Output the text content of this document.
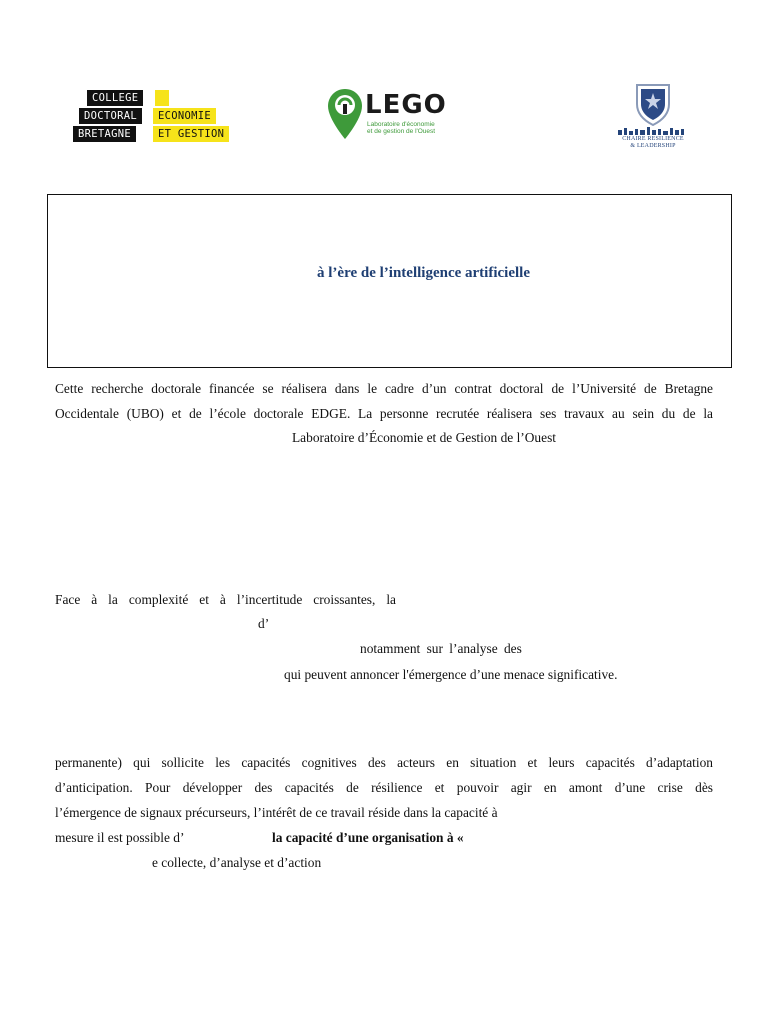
COLLEGE
DOCTORAL	ECONOMIE
BRETAGNE	ET GESTION
LEGO
Laboratoire d'économie
et de gestion de l'Ouest
CHAIRE RESILIENCE
& LEADERSHIP
à l’ère de l’intelligence artificielle
Cette recherche doctorale financée se réalisera dans le cadre d’un contrat doctoral de l’Université de Bretagne
Occidentale (UBO) et de l’école doctorale EDGE. La personne recrutée réalisera ses travaux au sein du de la
Laboratoire d’Économie et de Gestion de l’Ouest
Face à la complexité et à l’incertitude croissantes, la
d’
notamment sur l’analyse des
qui peuvent annoncer l'émergence d’une menace significative.
permanente) qui sollicite les capacités cognitives des acteurs en situation et leurs capacités d’adaptation
d’anticipation. Pour développer des capacités de résilience et pouvoir agir en amont d’une crise dès
l’émergence de signaux précurseurs, l’intérêt de ce travail réside dans la capacité à
mesure il est possible d’	la capacité d’une organisation à «
e collecte, d’analyse et d’action
